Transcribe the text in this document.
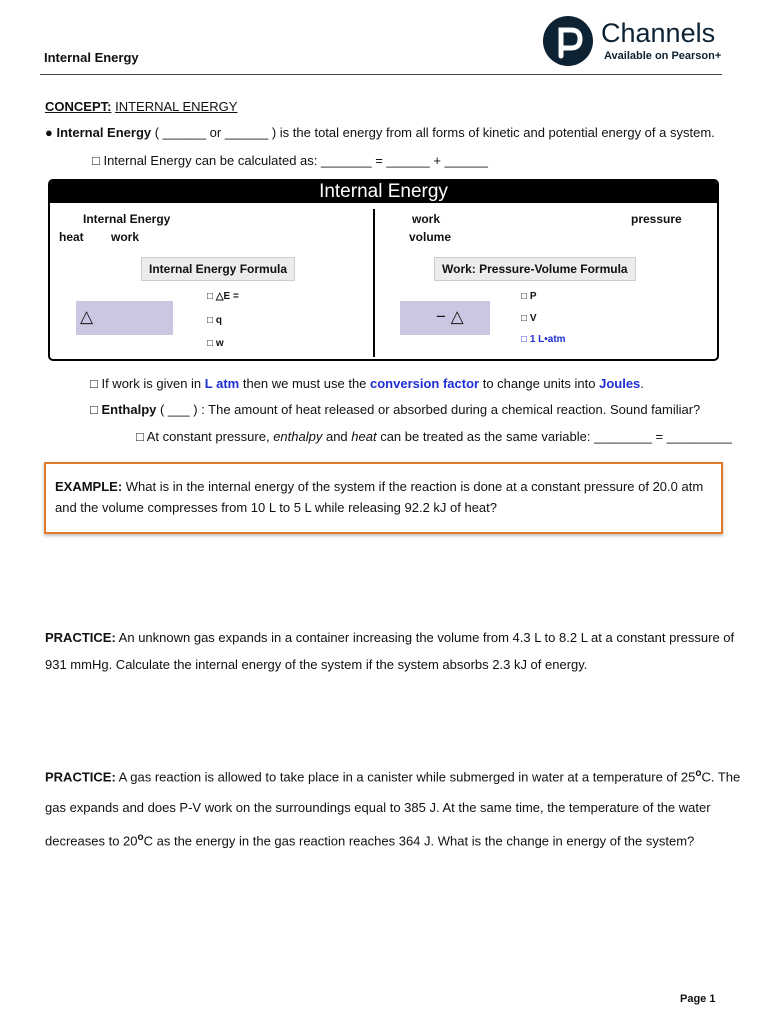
Internal Energy
Channels
Available on Pearson+
CONCEPT: INTERNAL ENERGY
● Internal Energy ( ______ or ______ ) is the total energy from all forms of kinetic and potential energy of a system.
□ Internal Energy can be calculated as: _______ = ______ + ______
Internal Energy
Internal Energy
heat work
Internal Energy Formula
△
□ △E =
□ q
□ w
work	pressure
volume
Work: Pressure-Volume Formula
− △
□ P
□ V
□ 1 L•atm
□ If work is given in L atm then we must use the conversion factor to change units into Joules.
□ Enthalpy ( ___ ) : The amount of heat released or absorbed during a chemical reaction. Sound familiar?
□ At constant pressure, enthalpy and heat can be treated as the same variable: ________ = _________
EXAMPLE: What is in the internal energy of the system if the reaction is done at a constant pressure of 20.0 atm
and the volume compresses from 10 L to 5 L while releasing 92.2 kJ of heat?
PRACTICE: An unknown gas expands in a container increasing the volume from 4.3 L to 8.2 L at a constant pressure of
931 mmHg. Calculate the internal energy of the system if the system absorbs 2.3 kJ of energy.
PRACTICE: A gas reaction is allowed to take place in a canister while submerged in water at a temperature of 25$^o$C. The
gas expands and does P-V work on the surroundings equal to 385 J. At the same time, the temperature of the water
decreases to 20$^o$C as the energy in the gas reaction reaches 364 J. What is the change in energy of the system?
Page 1
